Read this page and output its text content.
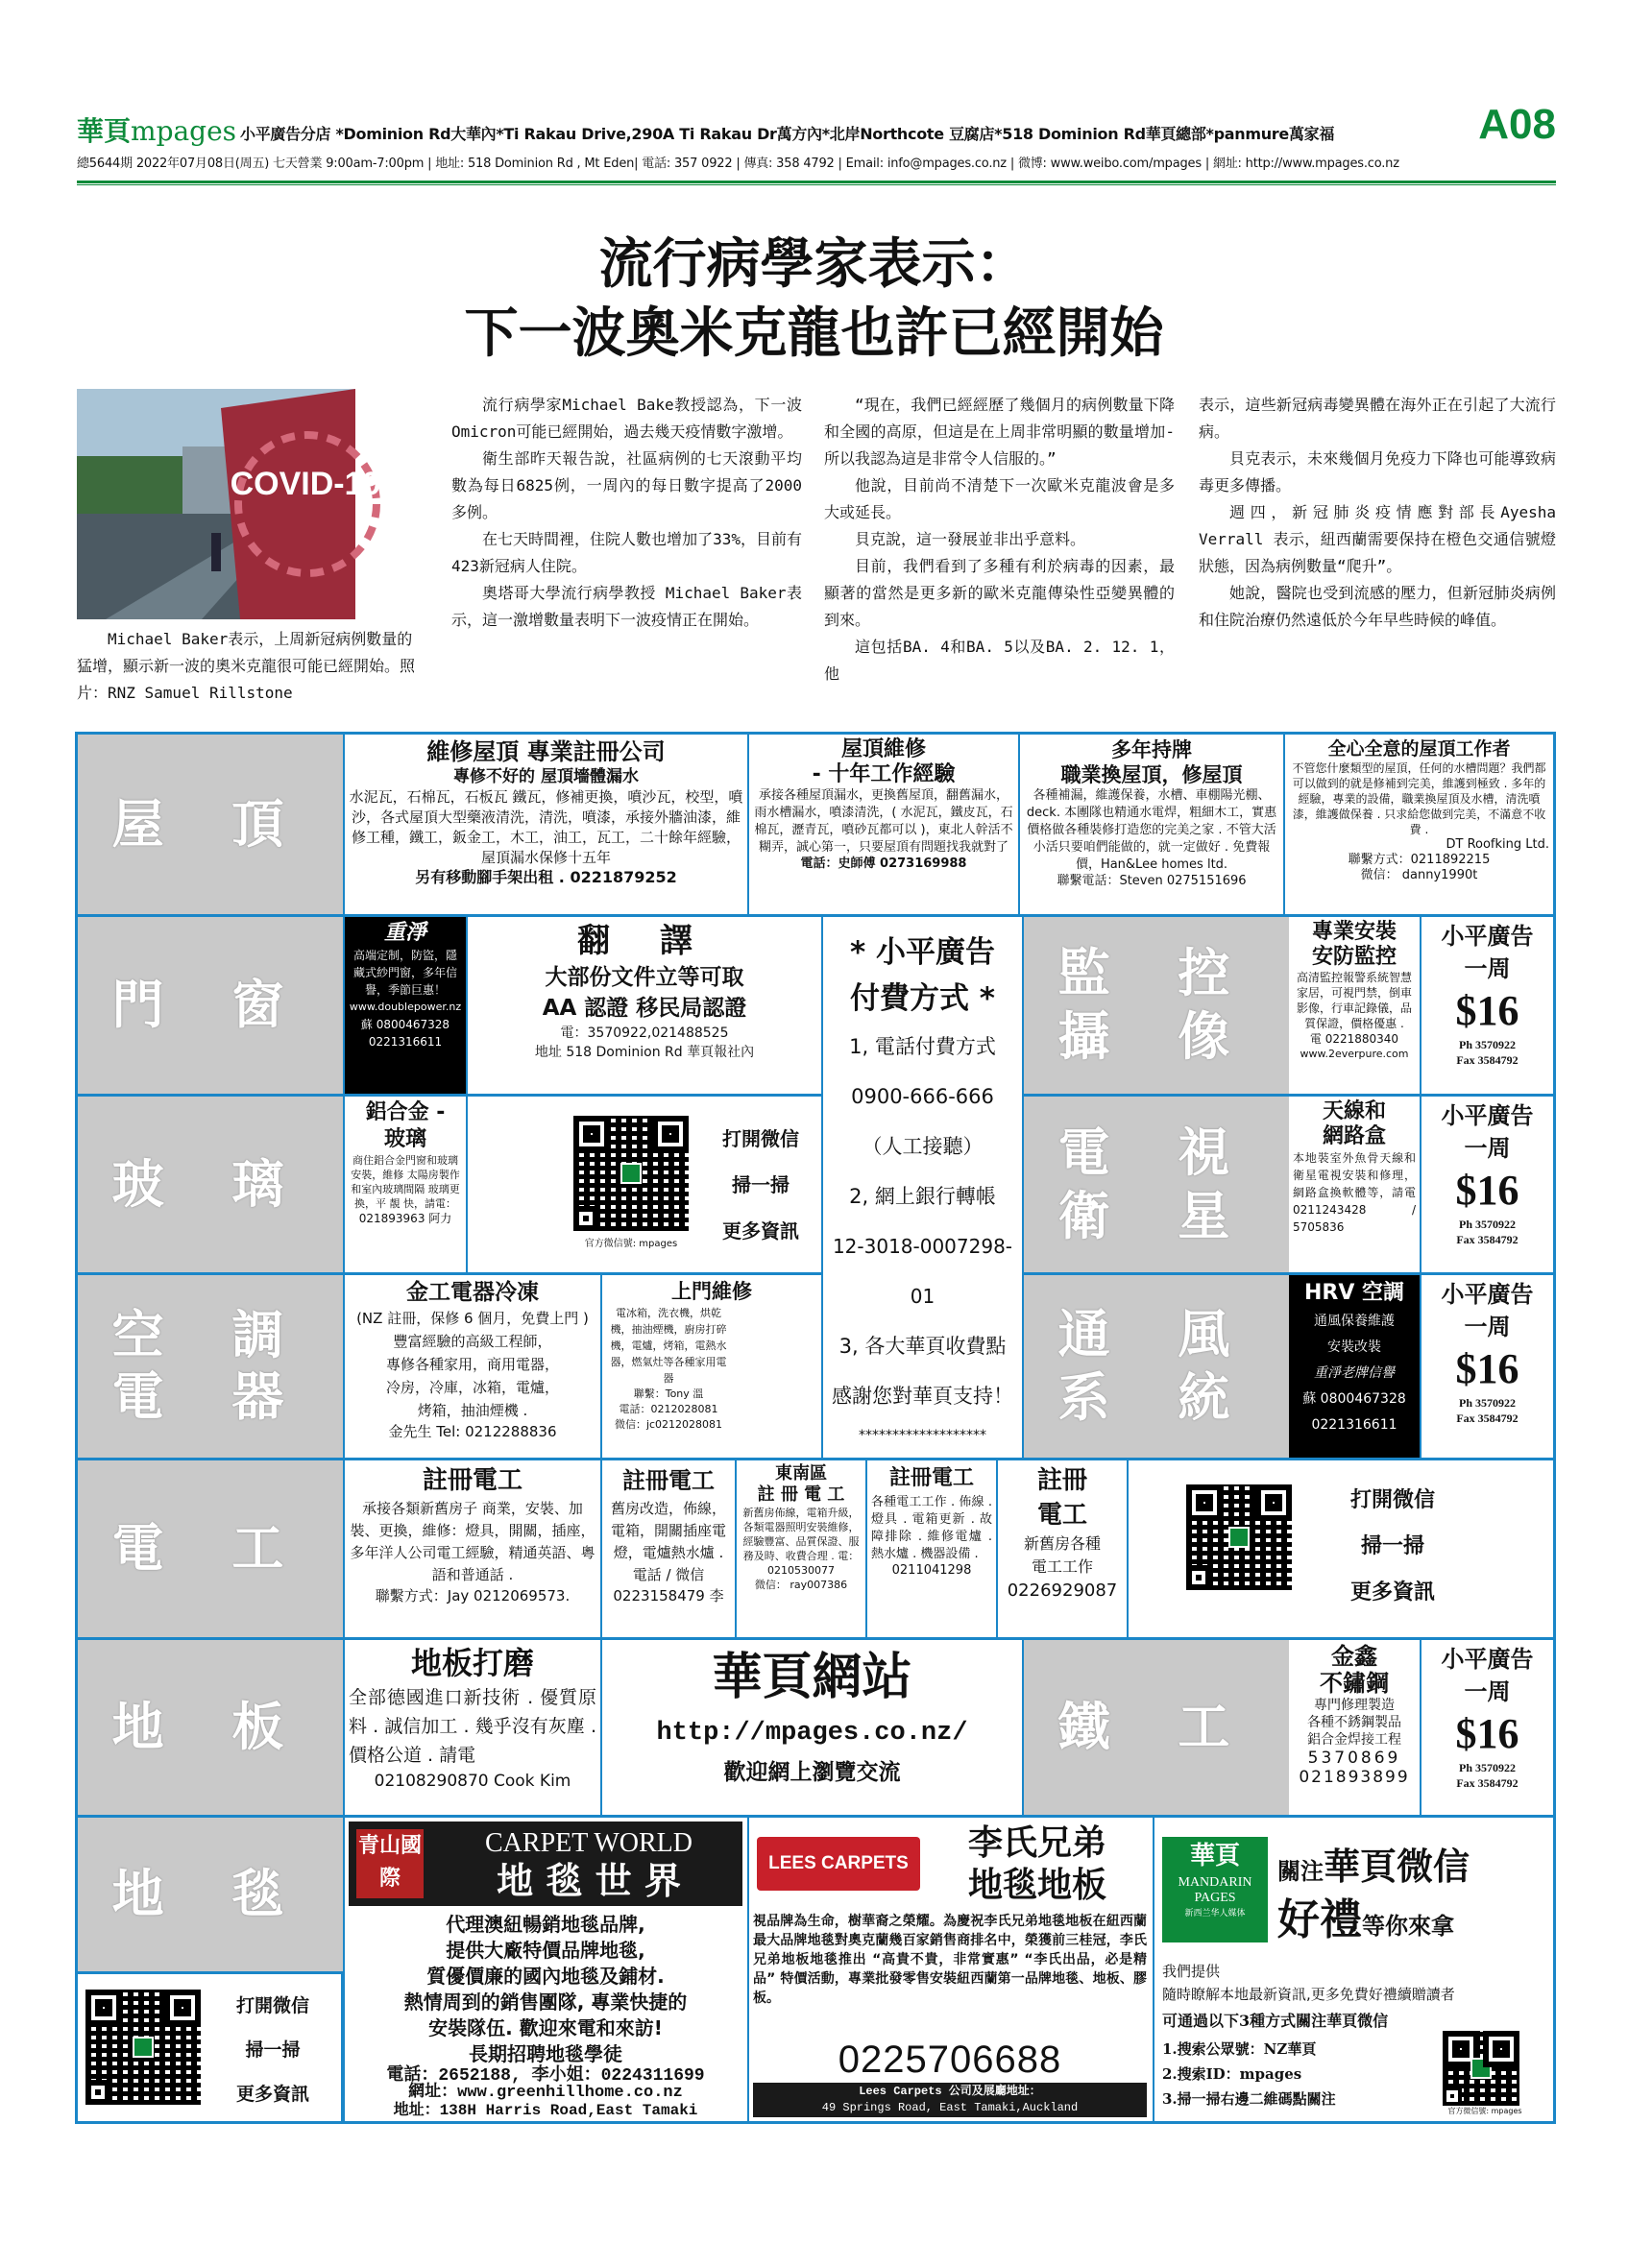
華頁mpages 小平廣告分店 *Dominion Rd大華內*Ti Rakau Drive,290A Ti Rakau Dr萬方內*北岸Northcote 豆腐店*518 Dominion Rd華頁總部*panmure萬家福	A08
總5644期 2022年07月08日(周五) 七天營業 9:00am-7:00pm | 地址: 518 Dominion Rd , Mt Eden| 電話: 357 0922 | 傳真: 358 4792 | Email: info@mpages.co.nz | 微博: www.weibo.com/mpages | 網址: http://www.mpages.co.nz
流行病學家表示：
下一波奧米克龍也許已經開始
COVID-19
Michael Baker表示，上周新冠病例數量的猛增，顯示新一波的奧米克龍很可能已經開始。照片：RNZ Samuel Rillstone

流行病學家Michael Bake教授認為，下一波Omicron可能已經開始，過去幾天疫情數字激增。

衛生部昨天報告說，社區病例的七天滾動平均數為每日6825例，一周內的每日數字提高了2000多例。

在七天時間裡，住院人數也增加了33%，目前有423新冠病人住院。

奧塔哥大學流行病學教授 Michael Baker表示，這一激增數量表明下一波疫情正在開始。

“現在，我們已經經歷了幾個月的病例數量下降和全國的高原，但這是在上周非常明顯的數量增加-所以我認為這是非常令人信服的。”

他說，目前尚不清楚下一次歐米克龍波會是多大或延長。

貝克說，這一發展並非出乎意料。

目前，我們看到了多種有利於病毒的因素，最顯著的當然是更多新的歐米克龍傳染性亞變異體的到來。

這包括BA. 4和BA. 5以及BA. 2. 12. 1， 他

表示，這些新冠病毒變異體在海外正在引起了大流行病。

貝克表示，未來幾個月免疫力下降也可能導致病毒更多傳播。

週四，新冠肺炎疫情應對部長Ayesha Verrall 表示，紐西蘭需要保持在橙色交通信號燈狀態，因為病例數量“爬升”。

她說，醫院也受到流感的壓力，但新冠肺炎病例和住院治療仍然遠低於今年早些時候的峰值。

屋 頂
門 窗
玻 璃
空 調
電 器
電 工
地 板
地 毯
監 控
攝 像
電 視
衛 星
通 風
系 統
鐵 工
維修屋頂 專業註冊公司
專修不好的 屋頂墻體漏水
水泥瓦，石棉瓦，石板瓦 鐵瓦，修補更換，噴沙瓦，校型，噴沙，各式屋頂大型藥液清洗，清洗，噴漆，承接外牆油漆，維修工種，鐵工，鈑金工，木工，油工，瓦工，二十餘年經驗，屋頂漏水保修十五年
另有移動腳手架出租 . 0221879252
屋頂維修
- 十年工作經驗
承接各種屋頂漏水，更換舊屋頂，翻舊漏水，雨水槽漏水，噴漆清洗，( 水泥瓦，鐵皮瓦，石棉瓦，瀝青瓦，噴砂瓦都可以 )，東北人幹活不糊弄，誠心第一，只要屋頂有問題找我就對了
電話：史師傅 0273169988
多年持牌
職業換屋頂，修屋頂
各種補漏，維護保養，水槽、車棚陽光棚、deck. 本團隊也精通水電焊，粗細木工，實惠價格做各種裝修打造您的完美之家 . 不管大活小活只要咱們能做的，就一定做好 . 免費報價，Han&Lee homes ltd.
聯繫電話：Steven 0275151696
全心全意的屋頂工作者
不管您什麼類型的屋頂，任何的水槽問題？我們都可以做到的就是修補到完美，維護到極致 . 多年的經驗，專業的設備，職業換屋頂及水槽，清洗噴漆，維護做保養 . 只求給您做到完美，不滿意不收費 .
DT Roofking Ltd.
聯繫方式：0211892215
微信： danny1990t
重淨
高端定制，防盜，隱藏式紗門窗，多年信譽，季節巨惠！
www.doublepower.nz
蘇 0800467328
0221316611
翻 譯
大部份文件立等可取
AA 認證 移民局認證
電：3570922,021488525
地址 518 Dominion Rd 華頁報社內
* 小平廣告
付費方式 *
1, 電話付費方式
0900-666-666
（人工接聽）
2, 網上銀行轉帳
12-3018-0007298-01
3, 各大華頁收費點
感謝您對華頁支持！
*******************
專業安裝
安防監控
高清監控報警系統智慧家居，可視門禁，倒車影像，行車記錄儀，品質保證，價格優惠 .
電 0221880340
www.2everpure.com
小平廣告
一周
$16
Ph 3570922
Fax 3584792
鋁合金 -
玻璃
商住鋁合金門窗和玻璃安裝，維修 太陽房製作和室內玻璃間隔 玻璃更換，平 靚 快，請電：
021893963 阿力
官方微信號: mpages
打開微信
掃一掃
更多資訊
天線和
網路盒
本地裝室外魚骨天線和衛星電視安裝和修理，網路盒換軟體等，請電 0211243428 / 5705836
小平廣告
一周
$16
Ph 3570922
Fax 3584792
金工電器冷凍
(NZ 註冊，保修 6 個月，免費上門 )
豐富經驗的高級工程師，
專修各種家用，商用電器，
冷房，冷庫，冰箱，電爐，
烤箱，抽油煙機 .
金先生 Tel: 0212288836
上門維修
電冰箱，洗衣機，烘乾機，抽油煙機，廚房打碎機，電爐，烤箱，電熱水器，燃氣灶等各種家用電器
聯繫：Tony 溫
電話：0212028081
微信：jc0212028081
HRV 空調
通風保養維護
安裝改裝
重淨老牌信譽
蘇 0800467328
0221316611
小平廣告
一周
$16
Ph 3570922
Fax 3584792
註冊電工
承接各類新舊房子 商業，安裝、加裝、更換，維修：燈具，開關，插座，多年洋人公司電工經驗，精通英語、粵語和普通話 .
聯繫方式：Jay 0212069573.
註冊電工
舊房改造，佈線，電箱，開關插座電燈，電爐熱水爐 . 電話 / 微信
0223158479 李
東南區
註 冊 電 工
新舊房佈線，電箱升級，各類電器照明安裝維修，經驗豐富、品質保證、服務及時、收費合理 . 電：0210530077
微信： ray007386
註冊電工
各種電工工作 . 佈線 . 燈具 . 電箱更新 . 故障排除 . 維修電爐 . 熱水爐 . 機器設備 .
0211041298
註冊
電工
新舊房各種
電工工作
0226929087
打開微信
掃一掃
更多資訊
地板打磨
全部德國進口新技術 . 優質原料 . 誠信加工 . 幾乎沒有灰塵 . 價格公道 . 請電
02108290870 Cook Kim
華頁網站
http://mpages.co.nz/
歡迎網上瀏覽交流
金鑫
不鏽鋼
專門修理製造
各種不銹鋼製品
鋁合金焊接工程
5370869
021893899
小平廣告
一周
$16
Ph 3570922
Fax 3584792
打開微信
掃一掃
更多資訊
青山國際
CARPET WORLD
地 毯 世 界
代理澳紐暢銷地毯品牌,
提供大廠特價品牌地毯,
質優價廉的國內地毯及鋪材.
熱情周到的銷售團隊, 專業快捷的
安裝隊伍. 歡迎來電和來訪!
長期招聘地毯學徒
電話：2652188, 李小姐：0224311699
網址：www.greenhillhome.co.nz
地址：138H Harris Road,East Tamaki
LEES CARPETS
李氏兄弟
地毯地板
視品牌為生命，樹華裔之榮耀。為慶祝李氏兄弟地毯地板在紐西蘭最大品牌地毯對奧克蘭幾百家銷售商排名中，榮獲前三桂冠，李氏兄弟地板地毯推出 “高貴不貴，非常實惠” “李氏出品，必是精品” 特價活動，專業批發零售安裝紐西蘭第一品牌地毯、地板、膠板。
0225706688
Lees Carpets 公司及展廳地址：
49 Springs Road, East Tamaki,Auckland
華頁
MANDARIN
PAGES
新西兰华人媒体
關注華頁微信
好禮等你來拿
我們提供
隨時瞭解本地最新資訊,更多免費好禮續贈讀者
可通過以下3種方式關注華頁微信
1.搜索公眾號：NZ華頁
2.搜索ID：mpages
3.掃一掃右邊二維碼點關注
官方微信號: mpages
